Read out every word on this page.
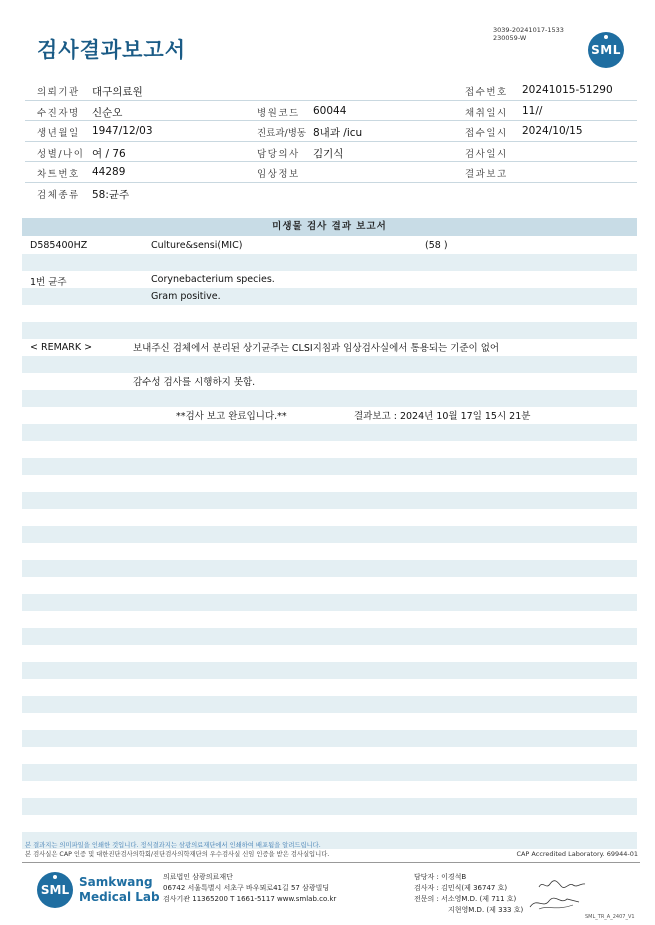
3039-20241017-1533
230059-W
검사결과보고서	SML
의뢰기관 대구의료원	접수번호 20241015-51290
수진자명 신순오	병원코드 60044	채취일시 11//
생년월일 1947/12/03	진료과/병동 8내과 /icu	접수일시 2024/10/15
성별/나이 여 / 76	담당의사 김기식	검사일시
차트번호 44289	임상정보	결과보고
검체종류 58:균주
미생물 검사 결과 보고서
D585400HZ	Culture&sensi(MIC)	(58 )
1번 균주	Corynebacterium species.
Gram positive.
< REMARK >	보내주신 검체에서 분리된 상기균주는 CLSI지침과 임상검사실에서 통용되는 기준이 없어
감수성 검사를 시행하지 못함.
**검사 보고 완료입니다.**	결과보고 : 2024년 10월 17일 15시 21분
본 결과지는 의미파일을 인쇄한 것입니다. 정식결과지는 삼광의료재단에서 인쇄하여 배포됨을 알려드립니다.
본 검사실은 CAP 인증 및 대한진단검사의학회/진단검사의학재단의 우수검사실 신임 인증을 받은 검사실입니다.	CAP Accredited Laboratory. 69944-01
SML
Samkwang
Medical Lab
의료법인 삼광의료재단
06742 서울특별시 서초구 바우뫼로41길 57 삼광빌딩
검사기관 11365200 T 1661-5117 www.smlab.co.kr
담당자 : 이경석B
검사자 : 김민식(제 36747 호)
전문의 : 서소영M.D. (제 711 호)
지현영M.D. (제 333 호)
SML_TR_A_2407_V1
